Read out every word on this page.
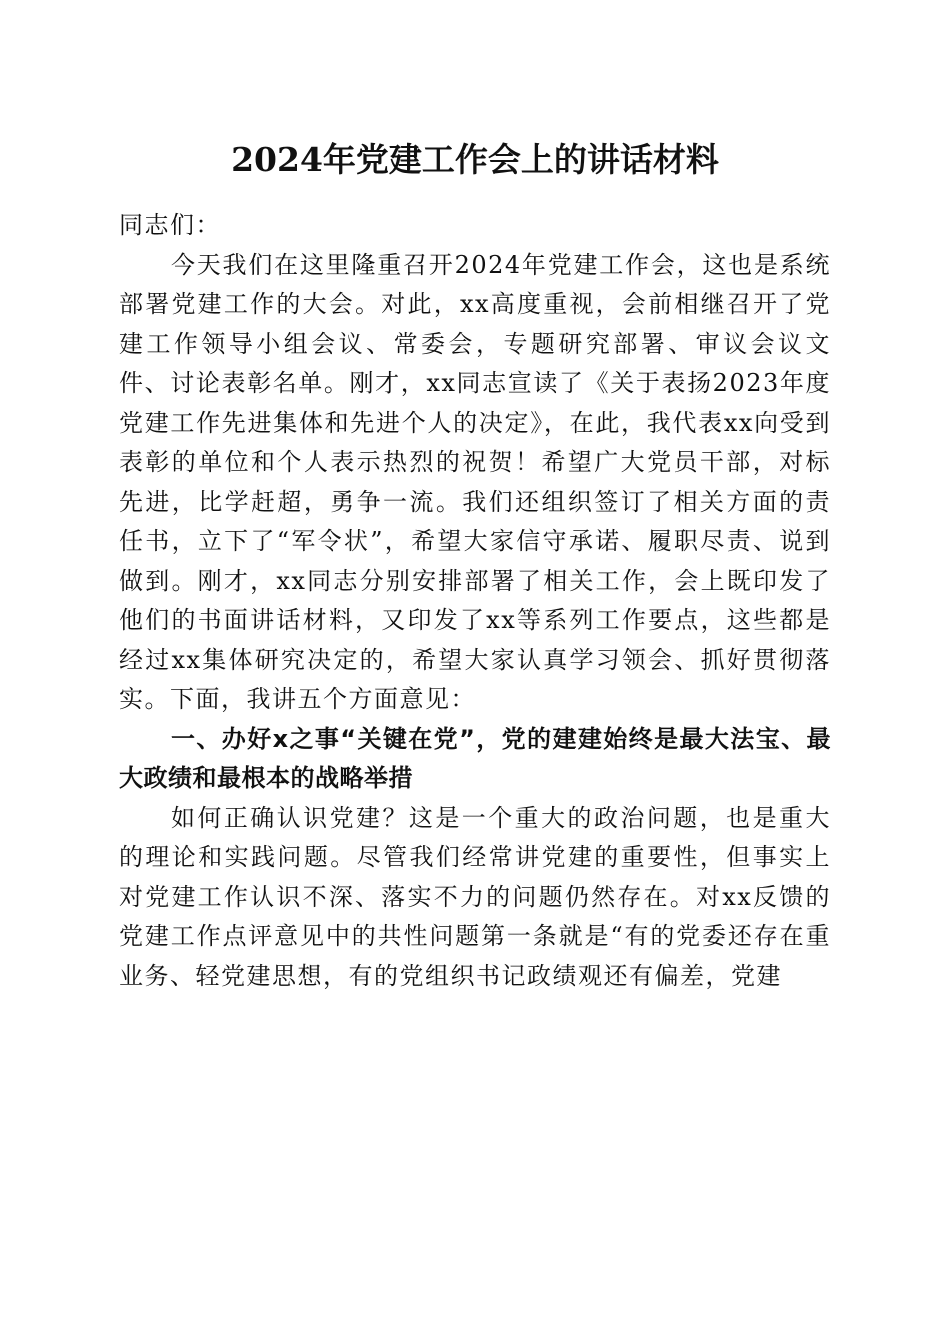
2024年党建工作会上的讲话材料

同志们：

今天我们在这里隆重召开2024年党建工作会，这也是系统部署党建工作的大会。对此，xx高度重视，会前相继召开了党建工作领导小组会议、常委会，专题研究部署、审议会议文件、讨论表彰名单。刚才，xx同志宣读了《关于表扬2023年度党建工作先进集体和先进个人的决定》，在此，我代表xx向受到表彰的单位和个人表示热烈的祝贺！希望广大党员干部，对标先进，比学赶超，勇争一流。我们还组织签订了相关方面的责任书，立下了“军令状”，希望大家信守承诺、履职尽责、说到做到。刚才，xx同志分别安排部署了相关工作，会上既印发了他们的书面讲话材料，又印发了xx等系列工作要点，这些都是经过xx集体研究决定的，希望大家认真学习领会、抓好贯彻落实。下面，我讲五个方面意见：

一、办好x之事“关键在党”，党的建建始终是最大法宝、最大政绩和最根本的战略举措

如何正确认识党建？这是一个重大的政治问题，也是重大的理论和实践问题。尽管我们经常讲党建的重要性，但事实上对党建工作认识不深、落实不力的问题仍然存在。对xx反馈的党建工作点评意见中的共性问题第一条就是“有的党委还存在重业务、轻党建思想，有的党组织书记政绩观还有偏差，党建
